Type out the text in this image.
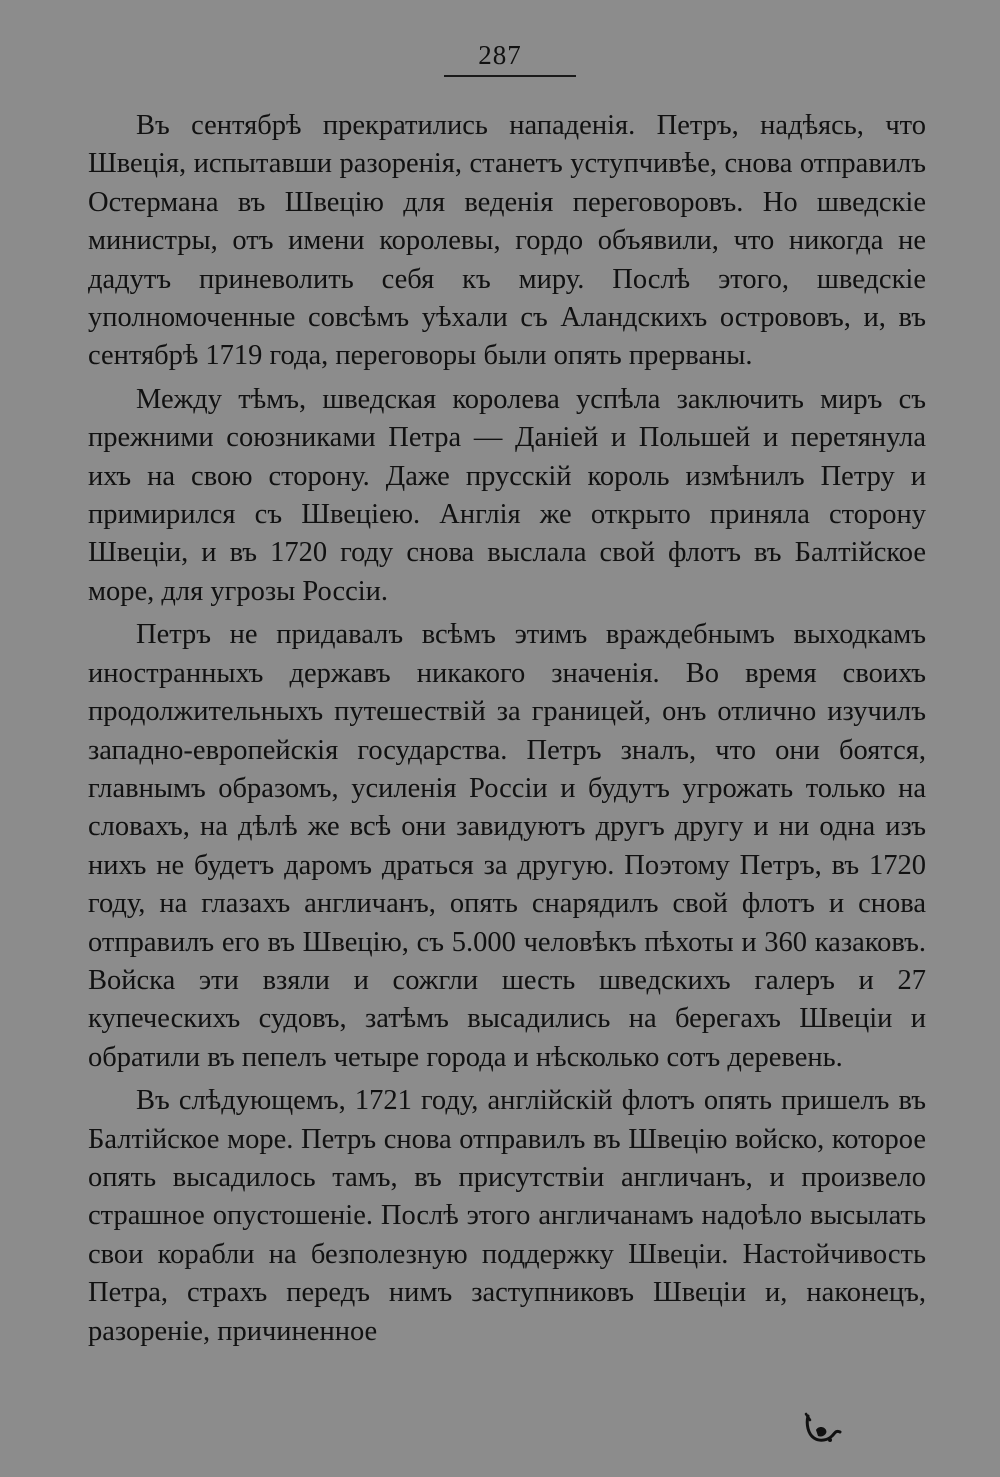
287

Въ сентябрѣ прекратились нападенія. Петръ, надѣясь, что Швеція, испытавши разоренія, станетъ уступчивѣе, снова отправилъ Остермана въ Швецію для веденія переговоровъ. Но шведскіе министры, отъ имени королевы, гордо объявили, что никогда не дадутъ приневолить себя къ миру. Послѣ этого, шведскіе уполномоченные совсѣмъ уѣхали съ Аландскихъ острововъ, и, въ сентябрѣ 1719 года, переговоры были опять прерваны.

Между тѣмъ, шведская королева успѣла заключить миръ съ прежними союзниками Петра — Даніей и Польшей и перетянула ихъ на свою сторону. Даже прусскій король измѣнилъ Петру и примирился съ Швеціею. Англія же открыто приняла сторону Швеціи, и въ 1720 году снова выслала свой флотъ въ Балтійское море, для угрозы Россіи.

Петръ не придавалъ всѣмъ этимъ враждебнымъ выходкамъ иностранныхъ державъ никакого значенія. Во время своихъ продолжительныхъ путешествій за границей, онъ отлично изучилъ западно-европейскія государства. Петръ зналъ, что они боятся, главнымъ образомъ, усиленія Россіи и будутъ угрожать только на словахъ, на дѣлѣ же всѣ они завидуютъ другъ другу и ни одна изъ нихъ не будетъ даромъ драться за другую. Поэтому Петръ, въ 1720 году, на глазахъ англичанъ, опять снарядилъ свой флотъ и снова отправилъ его въ Швецію, съ 5.000 человѣкъ пѣхоты и 360 казаковъ. Войска эти взяли и сожгли шесть шведскихъ галеръ и 27 купеческихъ судовъ, затѣмъ высадились на берегахъ Швеціи и обратили въ пепелъ четыре города и нѣсколько сотъ деревень.

Въ слѣдующемъ, 1721 году, англійскій флотъ опять пришелъ въ Балтійское море. Петръ снова отправилъ въ Швецію войско, которое опять высадилось тамъ, въ присутствіи англичанъ, и произвело страшное опустошеніе. Послѣ этого англичанамъ надоѣло высылать свои корабли на безполезную поддержку Швеціи. Настойчивость Петра, страхъ передъ нимъ заступниковъ Швеціи и, наконецъ, разореніе, причиненное
